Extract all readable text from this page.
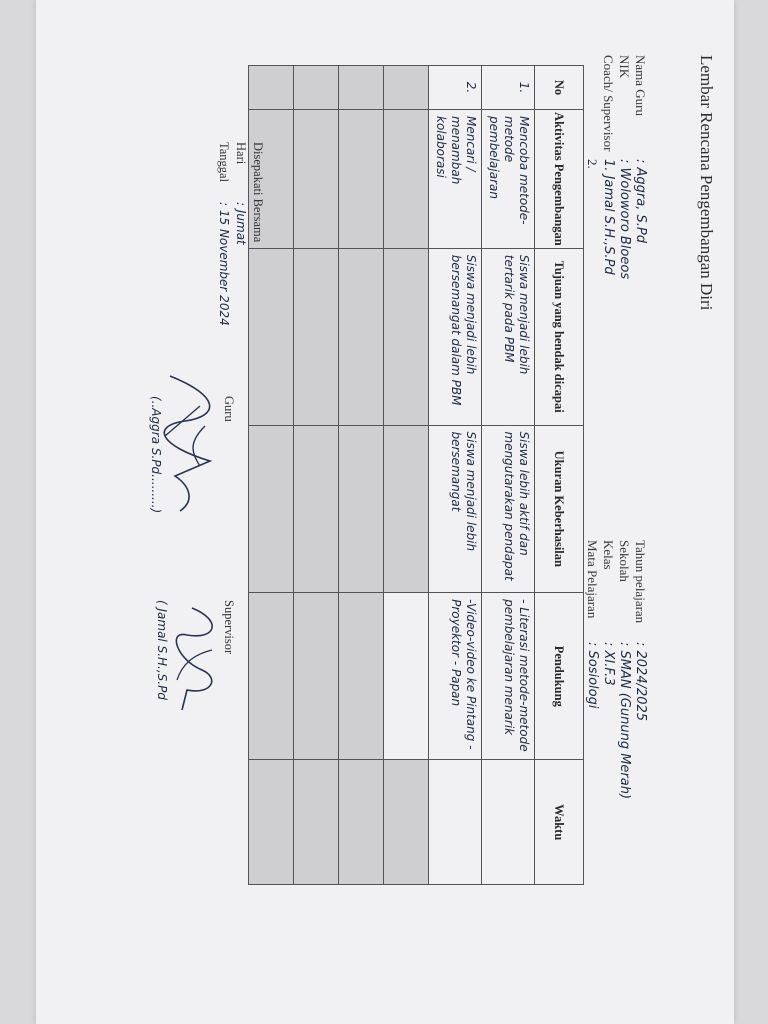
Lembar Rencana Pengembangan Diri
Nama Guru
: Aggra, S.Pd
NIK
: Woloworo Bloeos
Coach/ Supervisor
1. Jamal S.H.,S.Pd
2.
Tahun pelajaran
: 2024/2025
Sekolah
: SMAN (Gunung Merah)
Kelas
: XI.F.3
Mata Pelajaran
: Sosiologi
No	Aktivitas Pengembangan	Tujuan yang hendak dicapai	Ukuran Keberhasilan	Pendukung	Waktu
1.	Mencoba metode-metode pembelajaran	Siswa menjadi lebih tertarik pada PBM	Siswa lebih aktif dan mengutarakan pendapat	- Literasi metode-metode pembelajaran menarik	
2.	Mencari / menambah kolaborasi	Siswa menjadi lebih bersemangat dalam PBM	Siswa menjadi lebih bersemangat	-Video-video ke Pintang - Proyektor - Papan	

Disepakati Bersama
Hari
: Jumat
Tanggal
: 15 November 2024
Guru
(..Aggra S.Pd.........)
Supervisor
( Jamal S.H.,S.Pd
